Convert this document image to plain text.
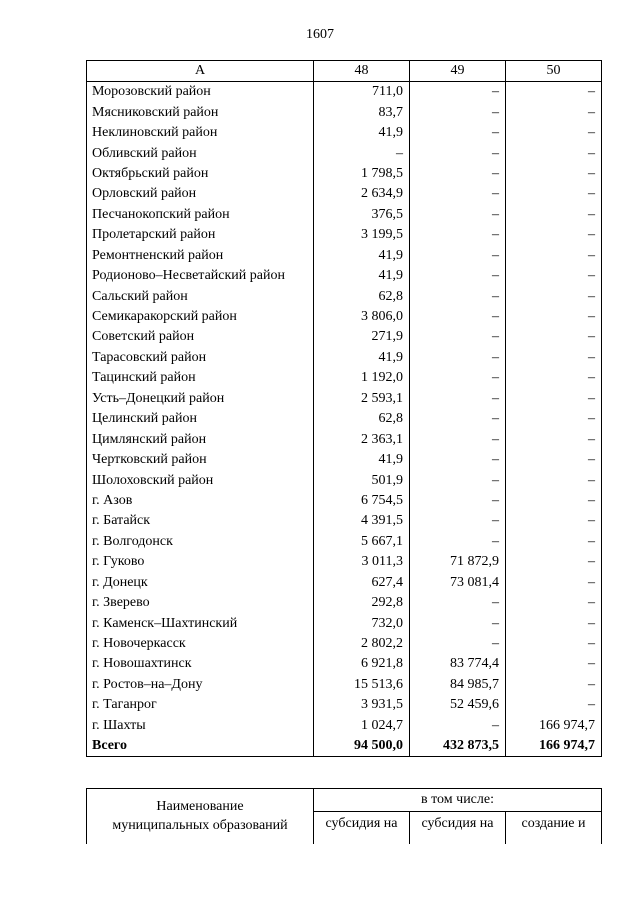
1607
А	48	49	50
Морозовский район	711,0	–	–
Мясниковский район	83,7	–	–
Неклиновский район	41,9	–	–
Обливский район	–	–	–
Октябрьский район	1 798,5	–	–
Орловский район	2 634,9	–	–
Песчанокопский район	376,5	–	–
Пролетарский район	3 199,5	–	–
Ремонтненский район	41,9	–	–
Родионово–Несветайский район	41,9	–	–
Сальский район	62,8	–	–
Семикаракорский район	3 806,0	–	–
Советский район	271,9	–	–
Тарасовский район	41,9	–	–
Тацинский район	1 192,0	–	–
Усть–Донецкий район	2 593,1	–	–
Целинский район	62,8	–	–
Цимлянский район	2 363,1	–	–
Чертковский район	41,9	–	–
Шолоховский район	501,9	–	–
г. Азов	6 754,5	–	–
г. Батайск	4 391,5	–	–
г. Волгодонск	5 667,1	–	–
г. Гуково	3 011,3	71 872,9	–
г. Донецк	627,4	73 081,4	–
г. Зверево	292,8	–	–
г. Каменск–Шахтинский	732,0	–	–
г. Новочеркасск	2 802,2	–	–
г. Новошахтинск	6 921,8	83 774,4	–
г. Ростов–на–Дону	15 513,6	84 985,7	–
г. Таганрог	3 931,5	52 459,6	–
г. Шахты	1 024,7	–	166 974,7
Всего	94 500,0	432 873,5	166 974,7
Наименование
муниципальных образований	в том числе:		
	субсидия на	субсидия на	создание и
